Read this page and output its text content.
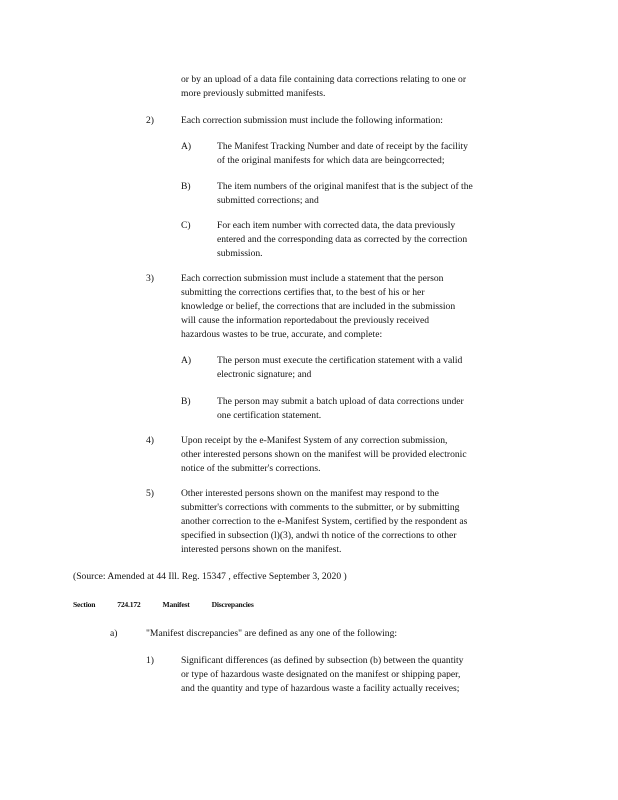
or by an upload of a data file containing data corrections relating to one or
more previously submitted manifests.
2)	Each correction submission must include the following information:
A)	The Manifest Tracking Number and date of receipt by the facility
of the original manifests for which data are beingcorrected;
B)	The item numbers of the original manifest that is the subject of the
submitted corrections; and
C)	For each item number with corrected data, the data previously
entered and the corresponding data as corrected by the correction
submission.
3)	Each correction submission must include a statement that the person
submitting the corrections certifies that, to the best of his or her
knowledge or belief, the corrections that are included in the submission
will cause the information reportedabout the previously received
hazardous wastes to be true, accurate, and complete:
A)	The person must execute the certification statement with a valid
electronic signature; and
B)	The person may submit a batch upload of data corrections under
one certification statement.
4)	Upon receipt by the e-Manifest System of any correction submission,
other interested persons shown on the manifest will be provided electronic
notice of the submitter's corrections.
5)	Other interested persons shown on the manifest may respond to the
submitter's corrections with comments to the submitter, or by submitting
another correction to the e-Manifest System, certified by the respondent as
specified in subsection (l)(3), andwi th notice of the corrections to other
interested persons shown on the manifest.
(Source: Amended at 44 Ill. Reg. 15347 , effective September 3, 2020 )
Section	724.172	Manifest	Discrepancies
a)	"Manifest discrepancies" are defined as any one of the following:
1)	Significant differences (as defined by subsection (b) between the quantity
or type of hazardous waste designated on the manifest or shipping paper,
and the quantity and type of hazardous waste a facility actually receives;
